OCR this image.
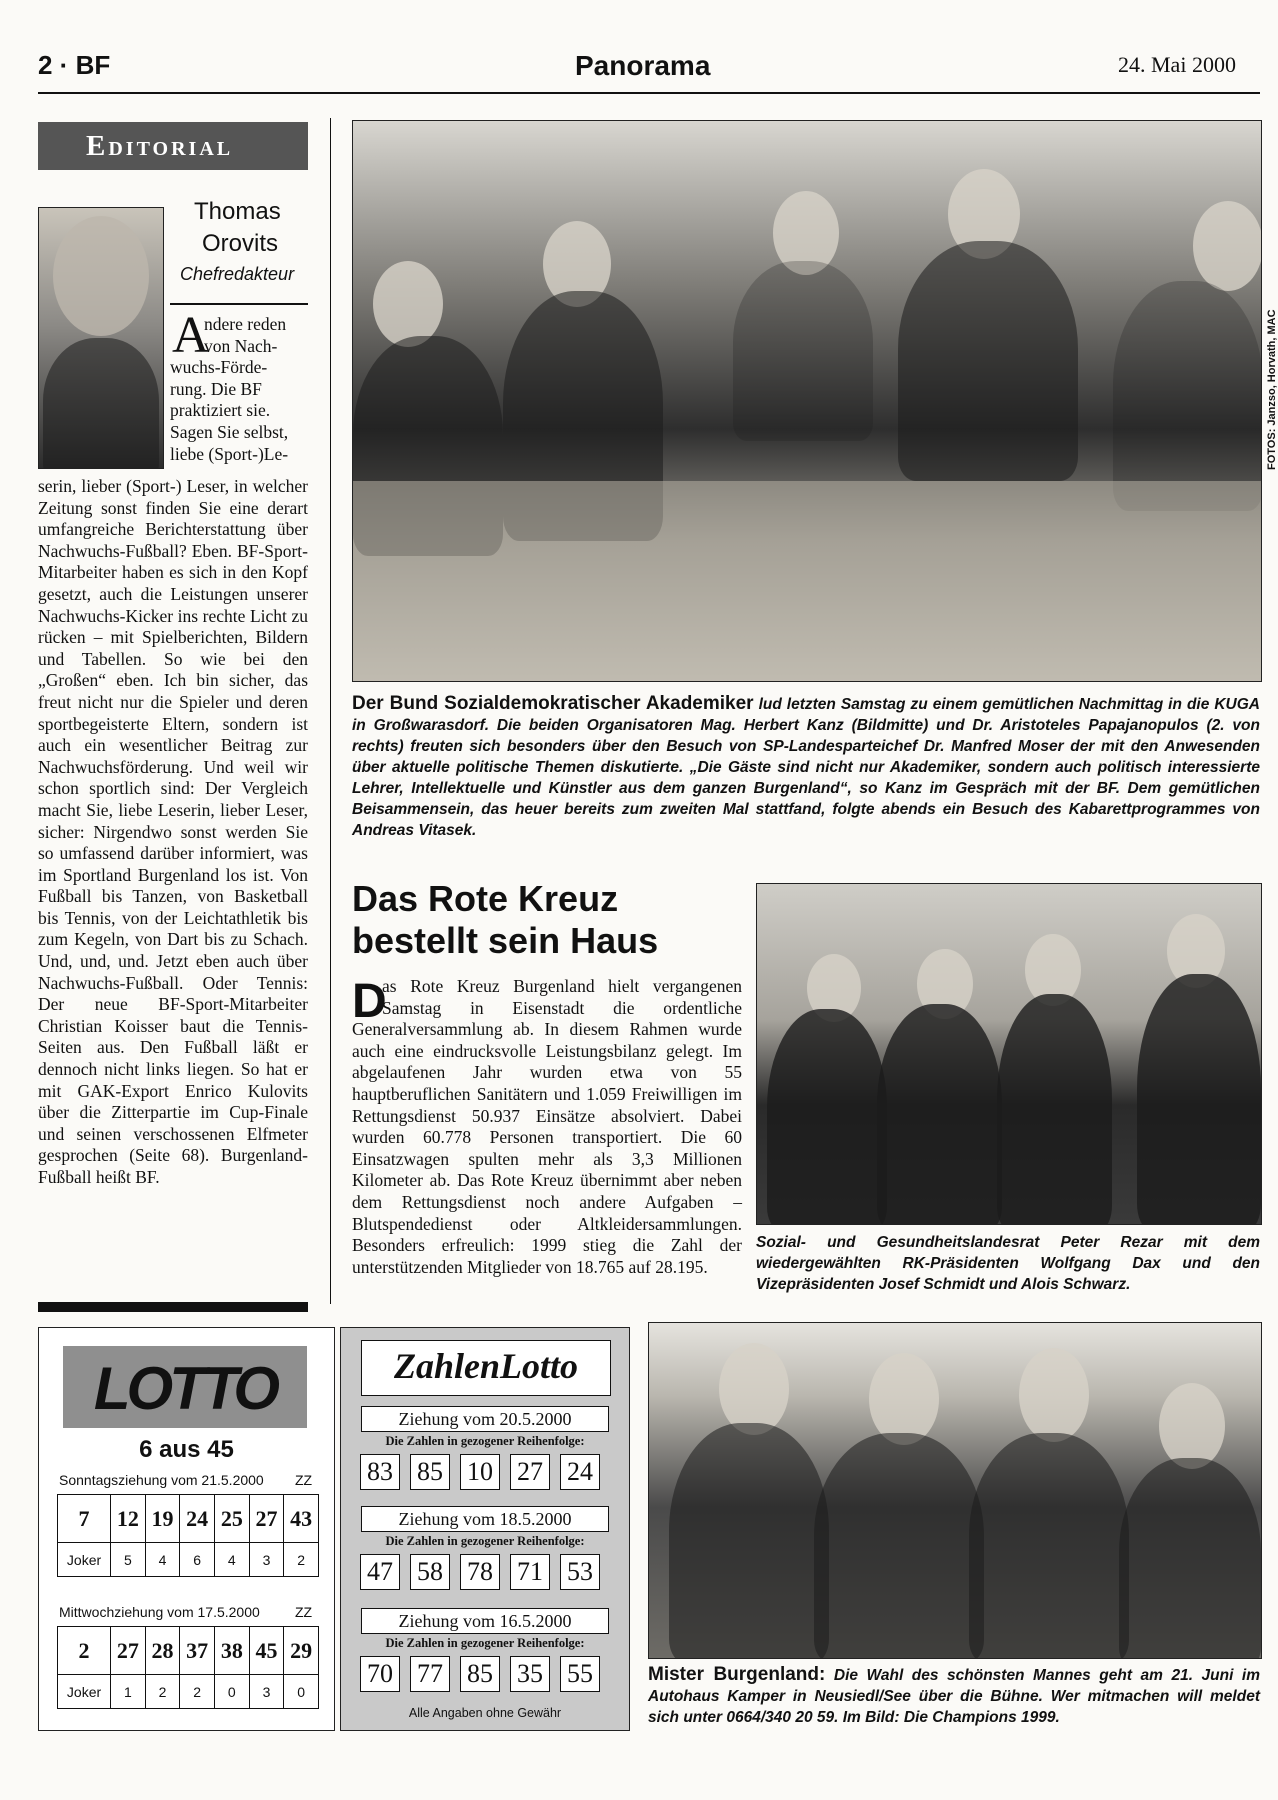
2 · BF	Panorama	24. Mai 2000
Editorial
Thomas
Orovits
Chefredakteur
A
ndere reden
von Nach-
wuchs-Förde-
rung. Die BF
praktiziert sie.
Sagen Sie selbst,
liebe (Sport-)Le-
serin, lieber (Sport-) Leser, in welcher Zeitung sonst finden Sie eine derart umfangreiche Berichterstattung über Nachwuchs-Fußball? Eben. BF-Sport-Mitarbeiter haben es sich in den Kopf gesetzt, auch die Leistungen unserer Nachwuchs-Kicker ins rechte Licht zu rücken – mit Spielberichten, Bildern und Tabellen. So wie bei den „Großen“ eben. Ich bin sicher, das freut nicht nur die Spieler und deren sportbegeisterte Eltern, sondern ist auch ein wesentlicher Beitrag zur Nachwuchsförderung. Und weil wir schon sportlich sind: Der Vergleich macht Sie, liebe Leserin, lieber Leser, sicher: Nirgendwo sonst werden Sie so umfassend darüber informiert, was im Sportland Burgenland los ist. Von Fußball bis Tanzen, von Basketball bis Tennis, von der Leichtathletik bis zum Kegeln, von Dart bis zu Schach. Und, und, und. Jetzt eben auch über Nachwuchs-Fußball. Oder Tennis: Der neue BF-Sport-Mitarbeiter Christian Koisser baut die Tennis-Seiten aus. Den Fußball läßt er dennoch nicht links liegen. So hat er mit GAK-Export Enrico Kulovits über die Zitterpartie im Cup-Finale und seinen verschossenen Elfmeter gesprochen (Seite 68). Burgenland-Fußball heißt BF.
FOTOS: Janzso, Horvath, MAC
Der Bund Sozialdemokratischer Akademiker lud letzten Samstag zu einem gemütlichen Nachmittag in die KUGA in Großwarasdorf. Die beiden Organisatoren Mag. Herbert Kanz (Bildmitte) und Dr. Aristoteles Papajanopulos (2. von rechts) freuten sich besonders über den Besuch von SP-Landesparteichef Dr. Manfred Moser der mit den Anwesenden über aktuelle politische Themen diskutierte. „Die Gäste sind nicht nur Akademiker, sondern auch politisch interessierte Lehrer, Intellektuelle und Künstler aus dem ganzen Burgenland“, so Kanz im Gespräch mit der BF. Dem gemütlichen Beisammensein, das heuer bereits zum zweiten Mal stattfand, folgte abends ein Besuch des Kabarettprogrammes von Andreas Vitasek.
Das Rote Kreuz
bestellt sein Haus
D
as Rote Kreuz Burgenland hielt vergangenen Samstag in Eisenstadt die ordentliche Generalversammlung ab. In diesem Rahmen wurde auch eine eindrucksvolle Leistungsbilanz gelegt. Im abgelaufenen Jahr wurden etwa von 55 hauptberuflichen Sanitätern und 1.059 Freiwilligen im Rettungsdienst 50.937 Einsätze absolviert. Dabei wurden 60.778 Personen transportiert. Die 60 Einsatzwagen spulten mehr als 3,3 Millionen Kilometer ab. Das Rote Kreuz übernimmt aber neben dem Rettungsdienst noch andere Aufgaben – Blutspendedienst oder Altkleidersammlungen. Besonders erfreulich: 1999 stieg die Zahl der unterstützenden Mitglieder von 18.765 auf 28.195.
Sozial- und Gesundheitslandesrat Peter Rezar mit dem wiedergewählten RK-Präsidenten Wolfgang Dax und den Vizepräsidenten Josef Schmidt und Alois Schwarz.
LOTTO
6 aus 45
Sonntagsziehung vom 21.5.2000 ZZ
7	12	19	24	25	27	43
Joker	5	4	6	4	3	2
Mittwochziehung vom 17.5.2000	ZZ
2	27	28	37	38	45	29
Joker	1	2	2	0	3	0
ZahlenLotto
Ziehung vom 20.5.2000
Die Zahlen in gezogener Reihenfolge:
83 85 10 27 24
Ziehung vom 18.5.2000
Die Zahlen in gezogener Reihenfolge:
47 58 78 71 53
Ziehung vom 16.5.2000
Die Zahlen in gezogener Reihenfolge:
70 77 85 35 55
Alle Angaben ohne Gewähr
Mister Burgenland: Die Wahl des schönsten Mannes geht am 21. Juni im Autohaus Kamper in Neusiedl/See über die Bühne. Wer mitmachen will meldet sich unter 0664/340 20 59. Im Bild: Die Champions 1999.
